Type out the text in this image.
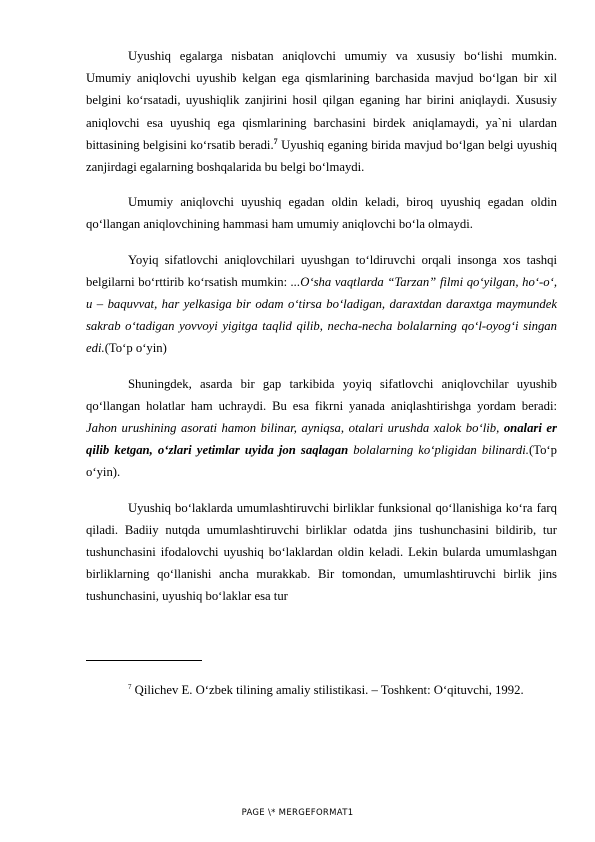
Uyushiq egalarga nisbatan aniqlovchi umumiy va xususiy bo‘lishi mumkin. Umumiy aniqlovchi uyushib kelgan ega qismlarining barchasida mavjud bo‘lgan bir xil belgini ko‘rsatadi, uyushiqlik zanjirini hosil qilgan eganing har birini aniqlaydi. Xususiy aniqlovchi esa uyushiq ega qismlarining barchasini birdek aniqlamaydi, ya`ni ulardan bittasining belgisini ko‘rsatib beradi.$^7$ Uyushiq eganing birida mavjud bo‘lgan belgi uyushiq zanjirdagi egalarning boshqalarida bu belgi bo‘lmaydi.

Umumiy aniqlovchi uyushiq egadan oldin keladi, biroq uyushiq egadan oldin qo‘llangan aniqlovchining hammasi ham umumiy aniqlovchi bo‘la olmaydi.

Yoyiq sifatlovchi aniqlovchilari uyushgan to‘ldiruvchi orqali insonga xos tashqi belgilarni bo‘rttirib ko‘rsatish mumkin: ...O‘sha vaqtlarda “Tarzan” filmi qo‘yilgan, ho‘-o‘, u – baquvvat, har yelkasiga bir odam o‘tirsa bo‘ladigan, daraxtdan daraxtga maymundek sakrab o‘tadigan yovvoyi yigitga taqlid qilib, necha-necha bolalarning qo‘l-oyog‘i singan edi.(To‘p o‘yin)

Shuningdek, asarda bir gap tarkibida yoyiq sifatlovchi aniqlovchilar uyushib qo‘llangan holatlar ham uchraydi. Bu esa fikrni yanada aniqlashtirishga yordam beradi: Jahon urushining asorati hamon bilinar, ayniqsa, otalari urushda xalok bo‘lib, onalari er qilib ketgan, o‘zlari yetimlar uyida jon saqlagan bolalarning ko‘pligidan bilinardi.(To‘p o‘yin).

Uyushiq bo‘laklarda umumlashtiruvchi birliklar funksional qo‘llanishiga ko‘ra farq qiladi. Badiiy nutqda umumlashtiruvchi birliklar odatda jins tushunchasini bildirib, tur tushunchasini ifodalovchi uyushiq bo‘laklardan oldin keladi. Lekin bularda umumlashgan birliklarning qo‘llanishi ancha murakkab. Bir tomondan, umumlashtiruvchi birlik jins tushunchasini, uyushiq bo‘laklar esa tur

$^7$ Qilichev E. O‘zbek tilining amaliy stilistikasi. – Toshkent: O‘qituvchi, 1992.

PAGE \* MERGEFORMAT1
